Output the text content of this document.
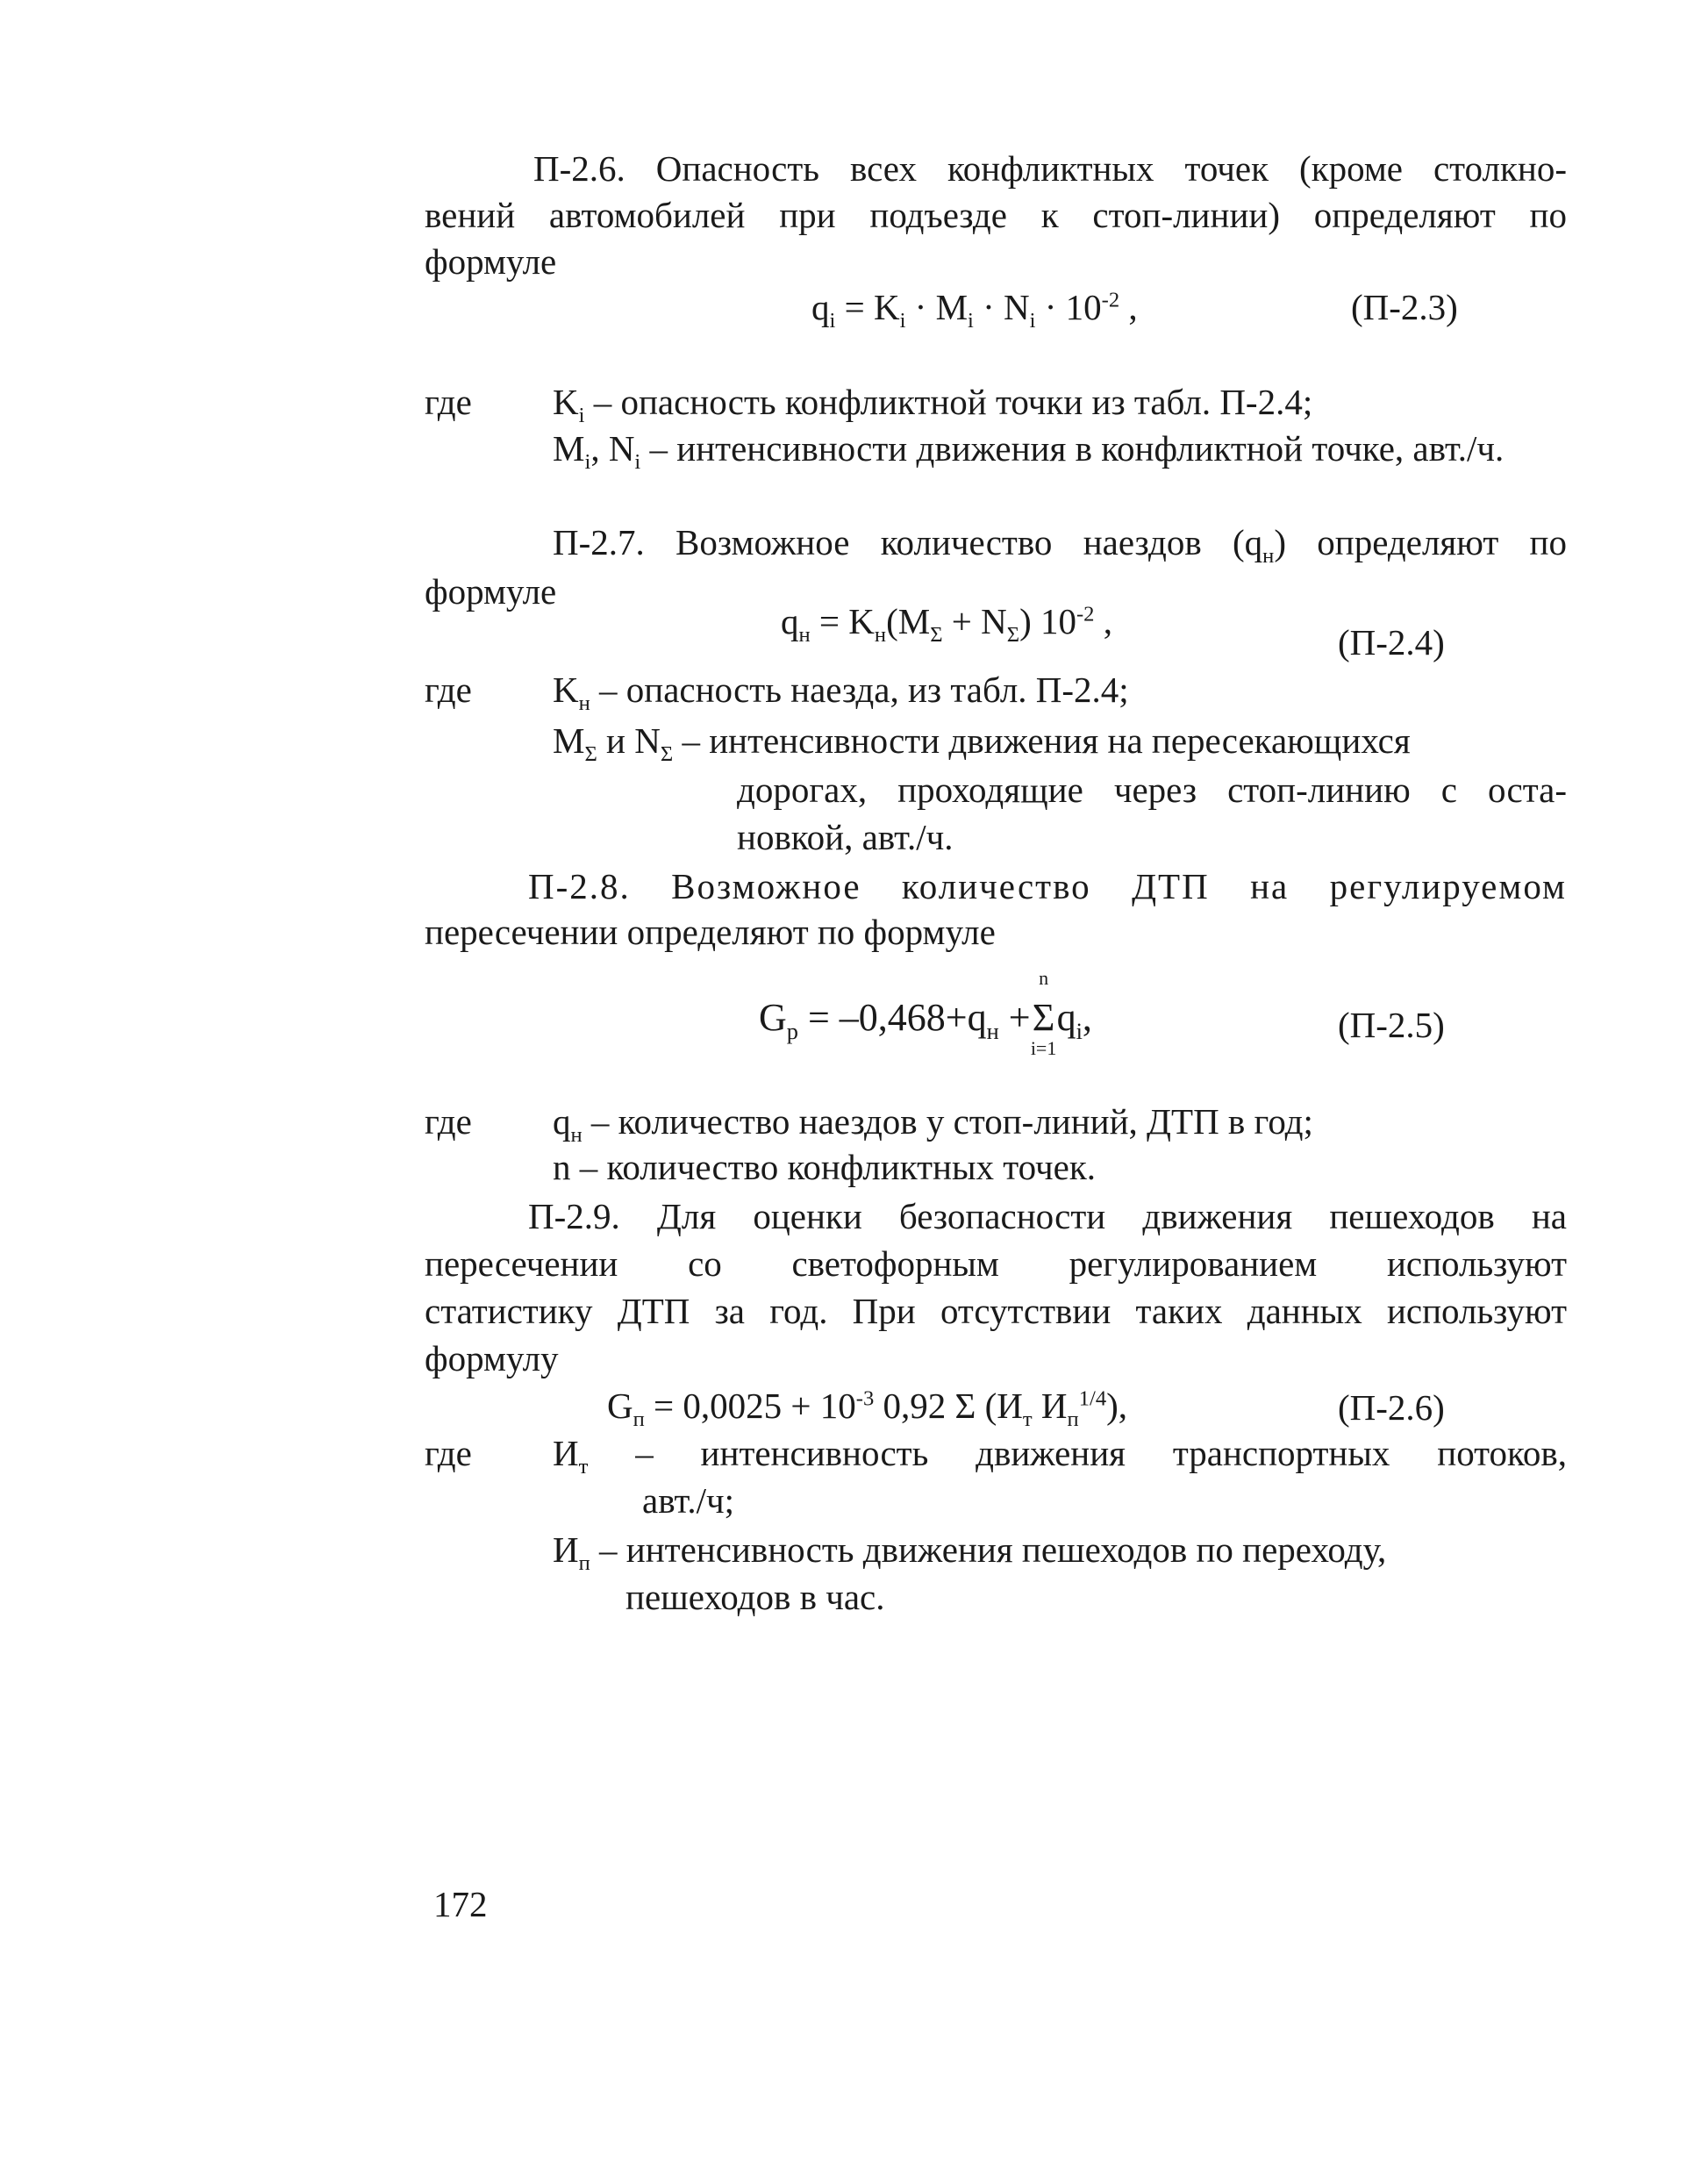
П-2.6. Опасность всех конфликтных точек (кроме столкно-
вений автомобилей при подъезде к стоп-линии) определяют по
формуле
$q_i = K_i \cdot M_i \cdot N_i \cdot 10^{-2}$ ,	(П-2.3)
где $K_i$ – опасность конфликтной точки из табл. П-2.4;
$M_i$, $N_i$ – интенсивности движения в конфликтной точке, авт./ч.
П-2.7. Возможное количество наездов $(q_н)$ определяют по
формуле
$q_н = K_н(M_\Sigma + N_\Sigma)$ $10^{-2}$ ,
(П-2.4)
где $K_н$ – опасность наезда, из табл. П-2.4;
$M_\Sigma$ и $N_\Sigma$ – интенсивности движения на пересекающихся
дорогах, проходящие через стоп-линию с оста-
новкой, авт./ч.
П-2.8. Возможное количество ДТП на регулируемом
пересечении определяют по формуле
$G_р = -0,468+q_н$ +
n
Σ
i=1
$q_i$,	(П-2.5)
где $q_н$ – количество наездов у стоп-линий, ДТП в год;
n – количество конфликтных точек.
П-2.9. Для оценки безопасности движения пешеходов на
пересечении со светофорным регулированием используют
статистику ДТП за год. При отсутствии таких данных используют
формулу
$G_п = 0,0025 + 10^{-3}$ 0,92 Σ ($И_т$ $И_п^{1/4}$),	(П-2.6)
где $И_т$ – интенсивность движения транспортных потоков,
авт./ч;
$И_п$ – интенсивность движения пешеходов по переходу,
пешеходов в час.
172
